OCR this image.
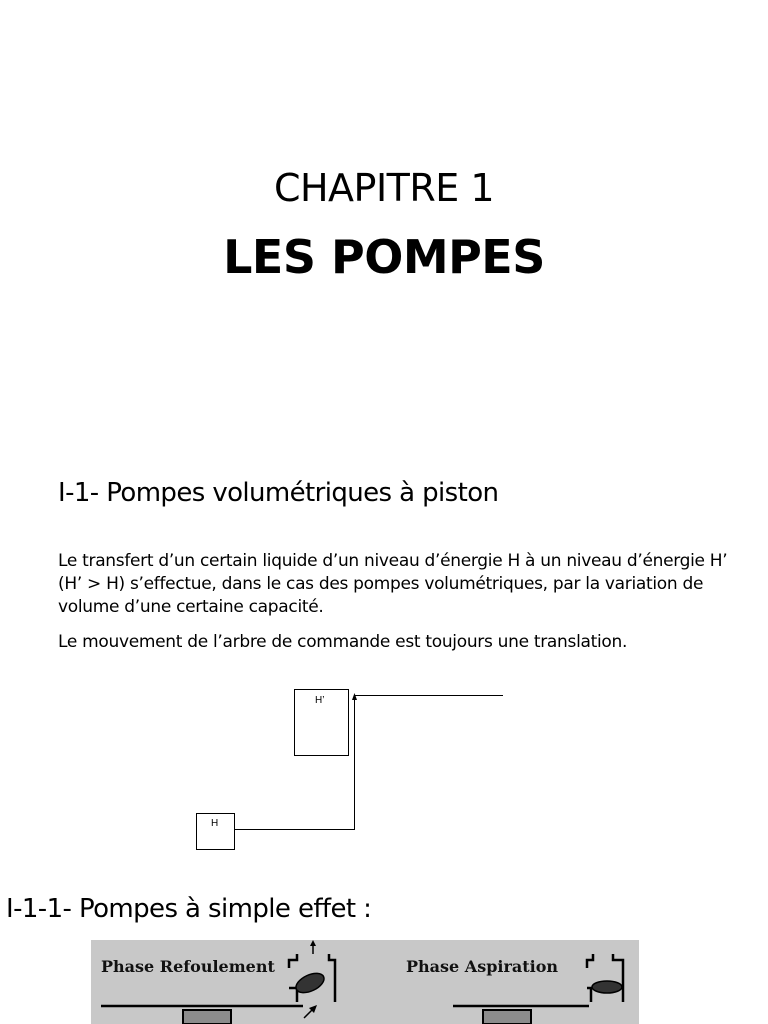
CHAPITRE 1
LES POMPES
I-1- Pompes volumétriques à piston
Le transfert d’un certain liquide d’un niveau d’énergie H à un niveau d’énergie H’ (H’ > H) s’effectue, dans le cas des pompes volumétriques, par la variation de volume d’une certaine capacité.
Le mouvement de l’arbre de commande est toujours une translation.
H’
H
I-1-1- Pompes à simple effet :
Phase Refoulement	Phase Aspiration
